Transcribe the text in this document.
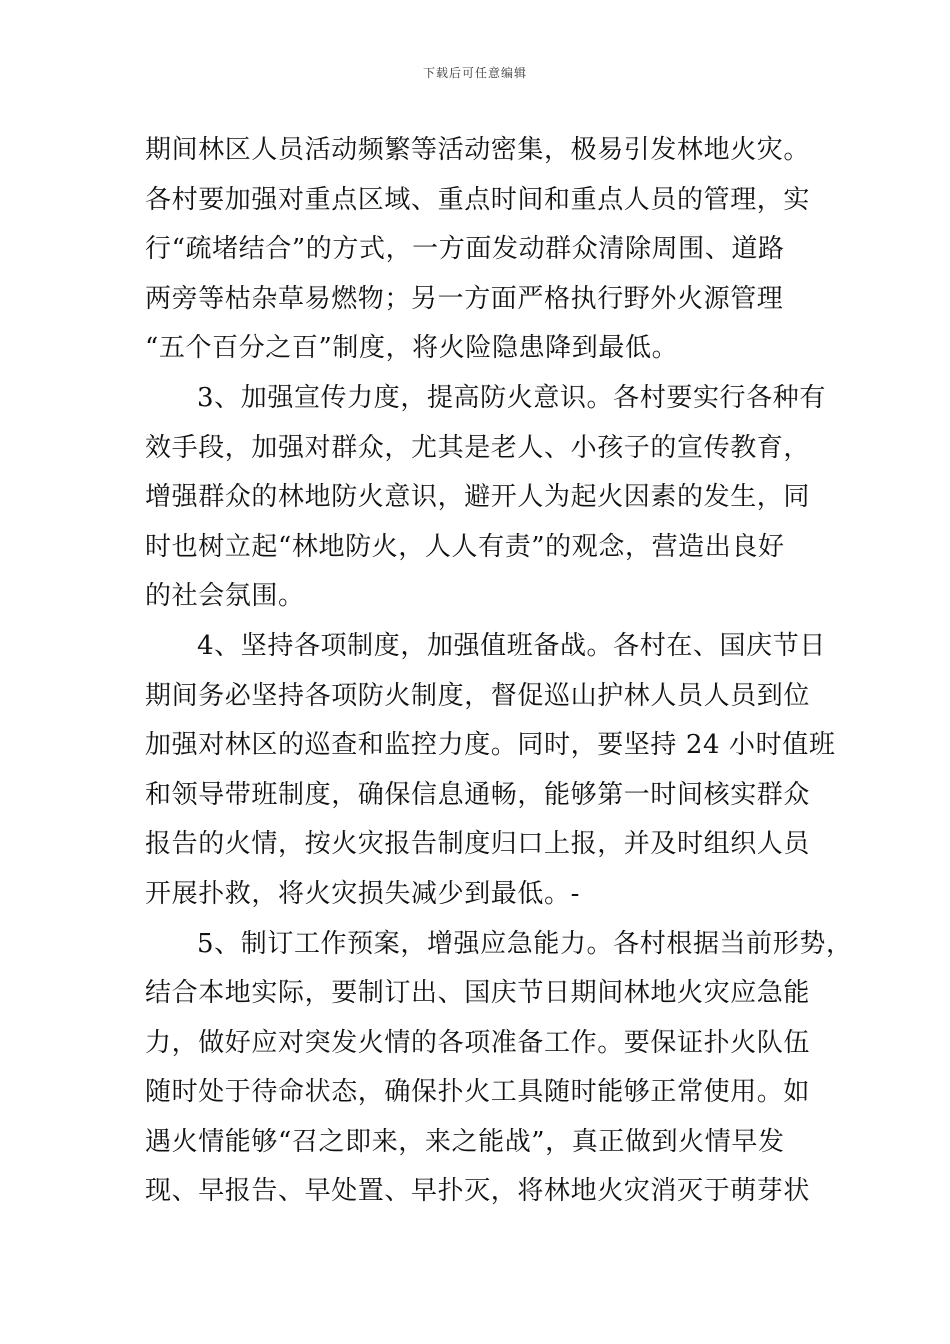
下载后可任意编辑
期间林区人员活动频繁等活动密集，极易引发林地火灾。
各村要加强对重点区域、重点时间和重点人员的管理，实
行“疏堵结合”的方式，一方面发动群众清除周围、道路
两旁等枯杂草易燃物；另一方面严格执行野外火源管理
“五个百分之百”制度，将火险隐患降到最低。
3、加强宣传力度，提高防火意识。各村要实行各种有
效手段，加强对群众，尤其是老人、小孩子的宣传教育，
增强群众的林地防火意识，避开人为起火因素的发生，同
时也树立起“林地防火，人人有责”的观念，营造出良好
的社会氛围。
4、坚持各项制度，加强值班备战。各村在、国庆节日
期间务必坚持各项防火制度，督促巡山护林人员人员到位
加强对林区的巡查和监控力度。同时，要坚持 24 小时值班
和领导带班制度，确保信息通畅，能够第一时间核实群众
报告的火情，按火灾报告制度归口上报，并及时组织人员
开展扑救，将火灾损失减少到最低。-
5、制订工作预案，增强应急能力。各村根据当前形势，
结合本地实际，要制订出、国庆节日期间林地火灾应急能
力，做好应对突发火情的各项准备工作。要保证扑火队伍
随时处于待命状态，确保扑火工具随时能够正常使用。如
遇火情能够“召之即来，来之能战”，真正做到火情早发
现、早报告、早处置、早扑灭，将林地火灾消灭于萌芽状
